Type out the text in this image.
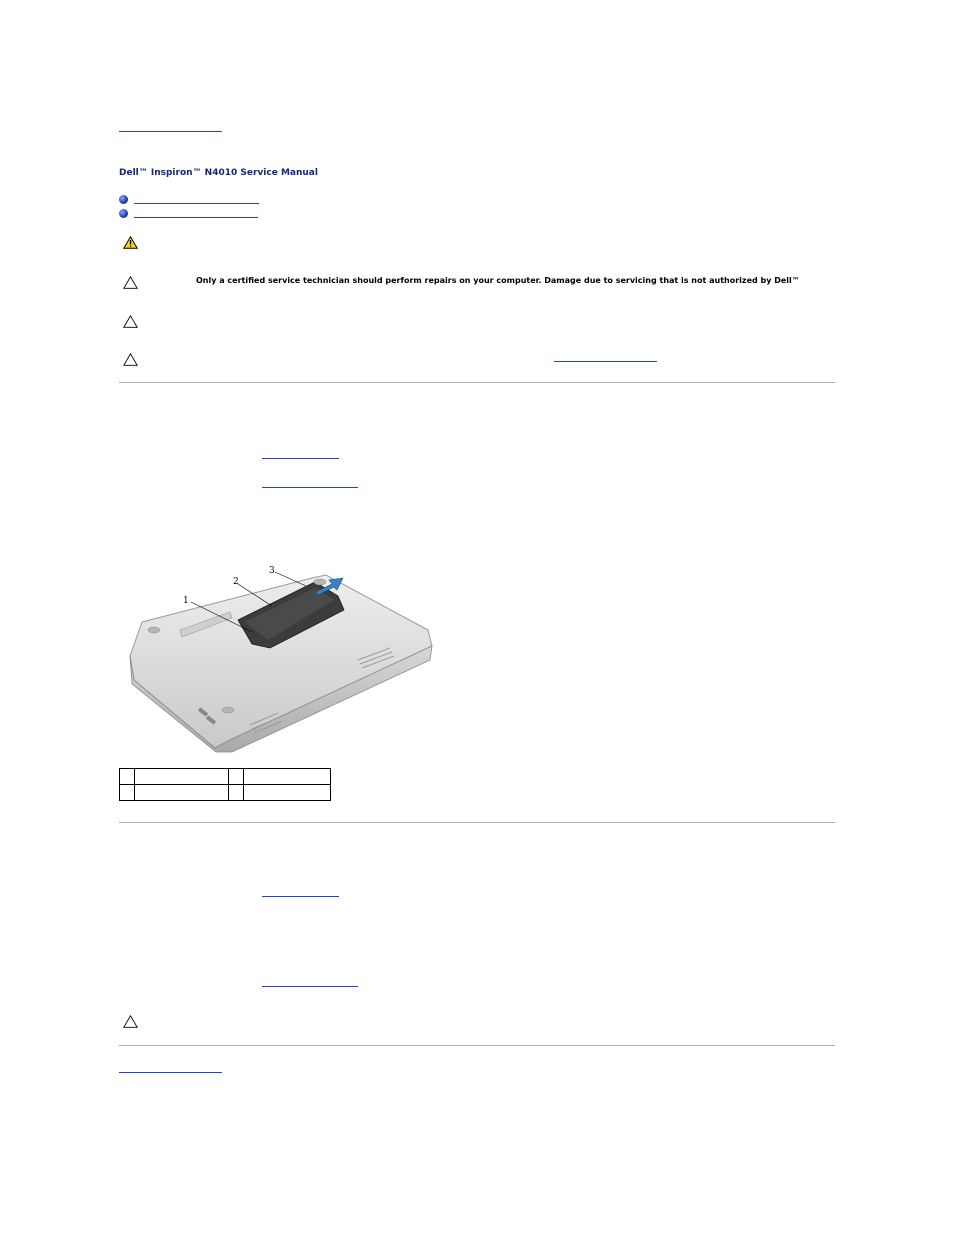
Dell™ Inspiron™ N4010 Service Manual
Only a certified service technician should perform repairs on your computer. Damage due to servicing that is not authorized by Dell™
1
2
3
